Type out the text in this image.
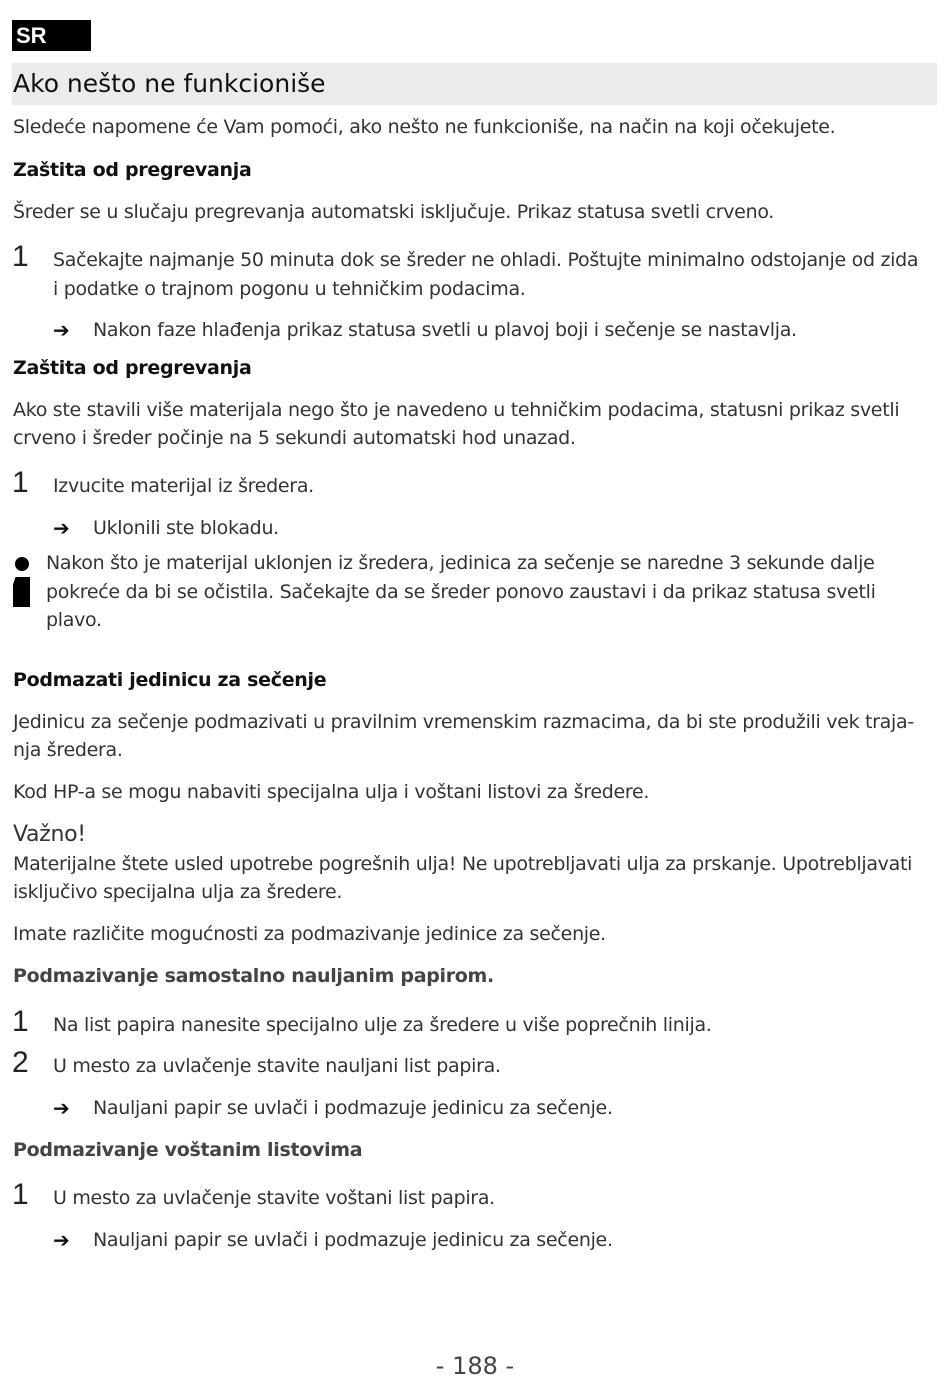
SR
Ako nešto ne funkcioniše
Sledeće napomene će Vam pomoći, ako nešto ne funkcioniše, na način na koji očekujete.
Zaštita od pregrevanja
Šreder se u slučaju pregrevanja automatski isključuje. Prikaz statusa svetli crveno.
1 Sačekajte najmanje 50 minuta dok se šreder ne ohladi. Poštujte minimalno odstojanje od zida
i podatke o trajnom pogonu u tehničkim podacima.
➔ Nakon faze hlađenja prikaz statusa svetli u plavoj boji i sečenje se nastavlja.
Zaštita od pregrevanja
Ako ste stavili više materijala nego što je navedeno u tehničkim podacima, statusni prikaz svetli
crveno i šreder počinje na 5 sekundi automatski hod unazad.
1 Izvucite materijal iz šredera.
➔ Uklonili ste blokadu.
Nakon što je materijal uklonjen iz šredera, jedinica za sečenje se naredne 3 sekunde dalje
pokreće da bi se očistila. Sačekajte da se šreder ponovo zaustavi i da prikaz statusa svetli
plavo.
Podmazati jedinicu za sečenje
Jedinicu za sečenje podmazivati u pravilnim vremenskim razmacima, da bi ste produžili vek traja-
nja šredera.
Kod HP-a se mogu nabaviti specijalna ulja i voštani listovi za šredere.
Važno!
Materijalne štete usled upotrebe pogrešnih ulja! Ne upotrebljavati ulja za prskanje. Upotrebljavati
isključivo specijalna ulja za šredere.
Imate različite mogućnosti za podmazivanje jedinice za sečenje.
Podmazivanje samostalno nauljanim papirom.
1 Na list papira nanesite specijalno ulje za šredere u više poprečnih linija.
2 U mesto za uvlačenje stavite nauljani list papira.
➔ Nauljani papir se uvlači i podmazuje jedinicu za sečenje.
Podmazivanje voštanim listovima
1 U mesto za uvlačenje stavite voštani list papira.
➔ Nauljani papir se uvlači i podmazuje jedinicu za sečenje.
- 188 -
